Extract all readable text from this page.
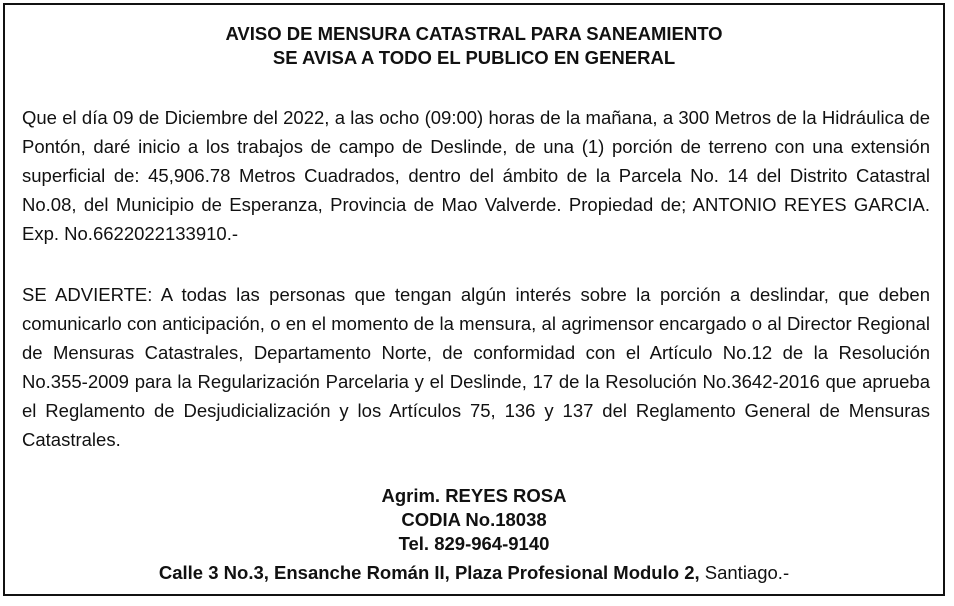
AVISO DE MENSURA CATASTRAL PARA SANEAMIENTO

SE AVISA A TODO EL PUBLICO EN GENERAL

Que el día 09 de Diciembre del 2022, a las ocho (09:00) horas de la mañana, a 300 Metros de la Hidráulica de Pontón, daré inicio a los trabajos de campo de Deslinde, de una (1) porción de terreno con una extensión superficial de: 45,906.78 Metros Cuadrados, dentro del ámbito de la Parcela No. 14 del Distrito Catastral No.08, del Municipio de Esperanza, Provincia de Mao Valverde. Propiedad de; ANTONIO REYES GARCIA. Exp. No.6622022133910.-

SE ADVIERTE: A todas las personas que tengan algún interés sobre la porción a deslindar, que deben comunicarlo con anticipación, o en el momento de la mensura, al agrimensor encargado o al Director Regional de Mensuras Catastrales, Departamento Norte, de conformidad con el Artículo No.12 de la Resolución No.355-2009 para la Regularización Parcelaria y el Deslinde, 17 de la Resolución No.3642-2016 que aprueba el Reglamento de Desjudicialización y los Artículos 75, 136 y 137 del Reglamento General de Mensuras Catastrales.

Agrim. REYES ROSA

CODIA No.18038

Tel. 829-964-9140

Calle 3 No.3, Ensanche Román II, Plaza Profesional Modulo 2, Santiago.-
